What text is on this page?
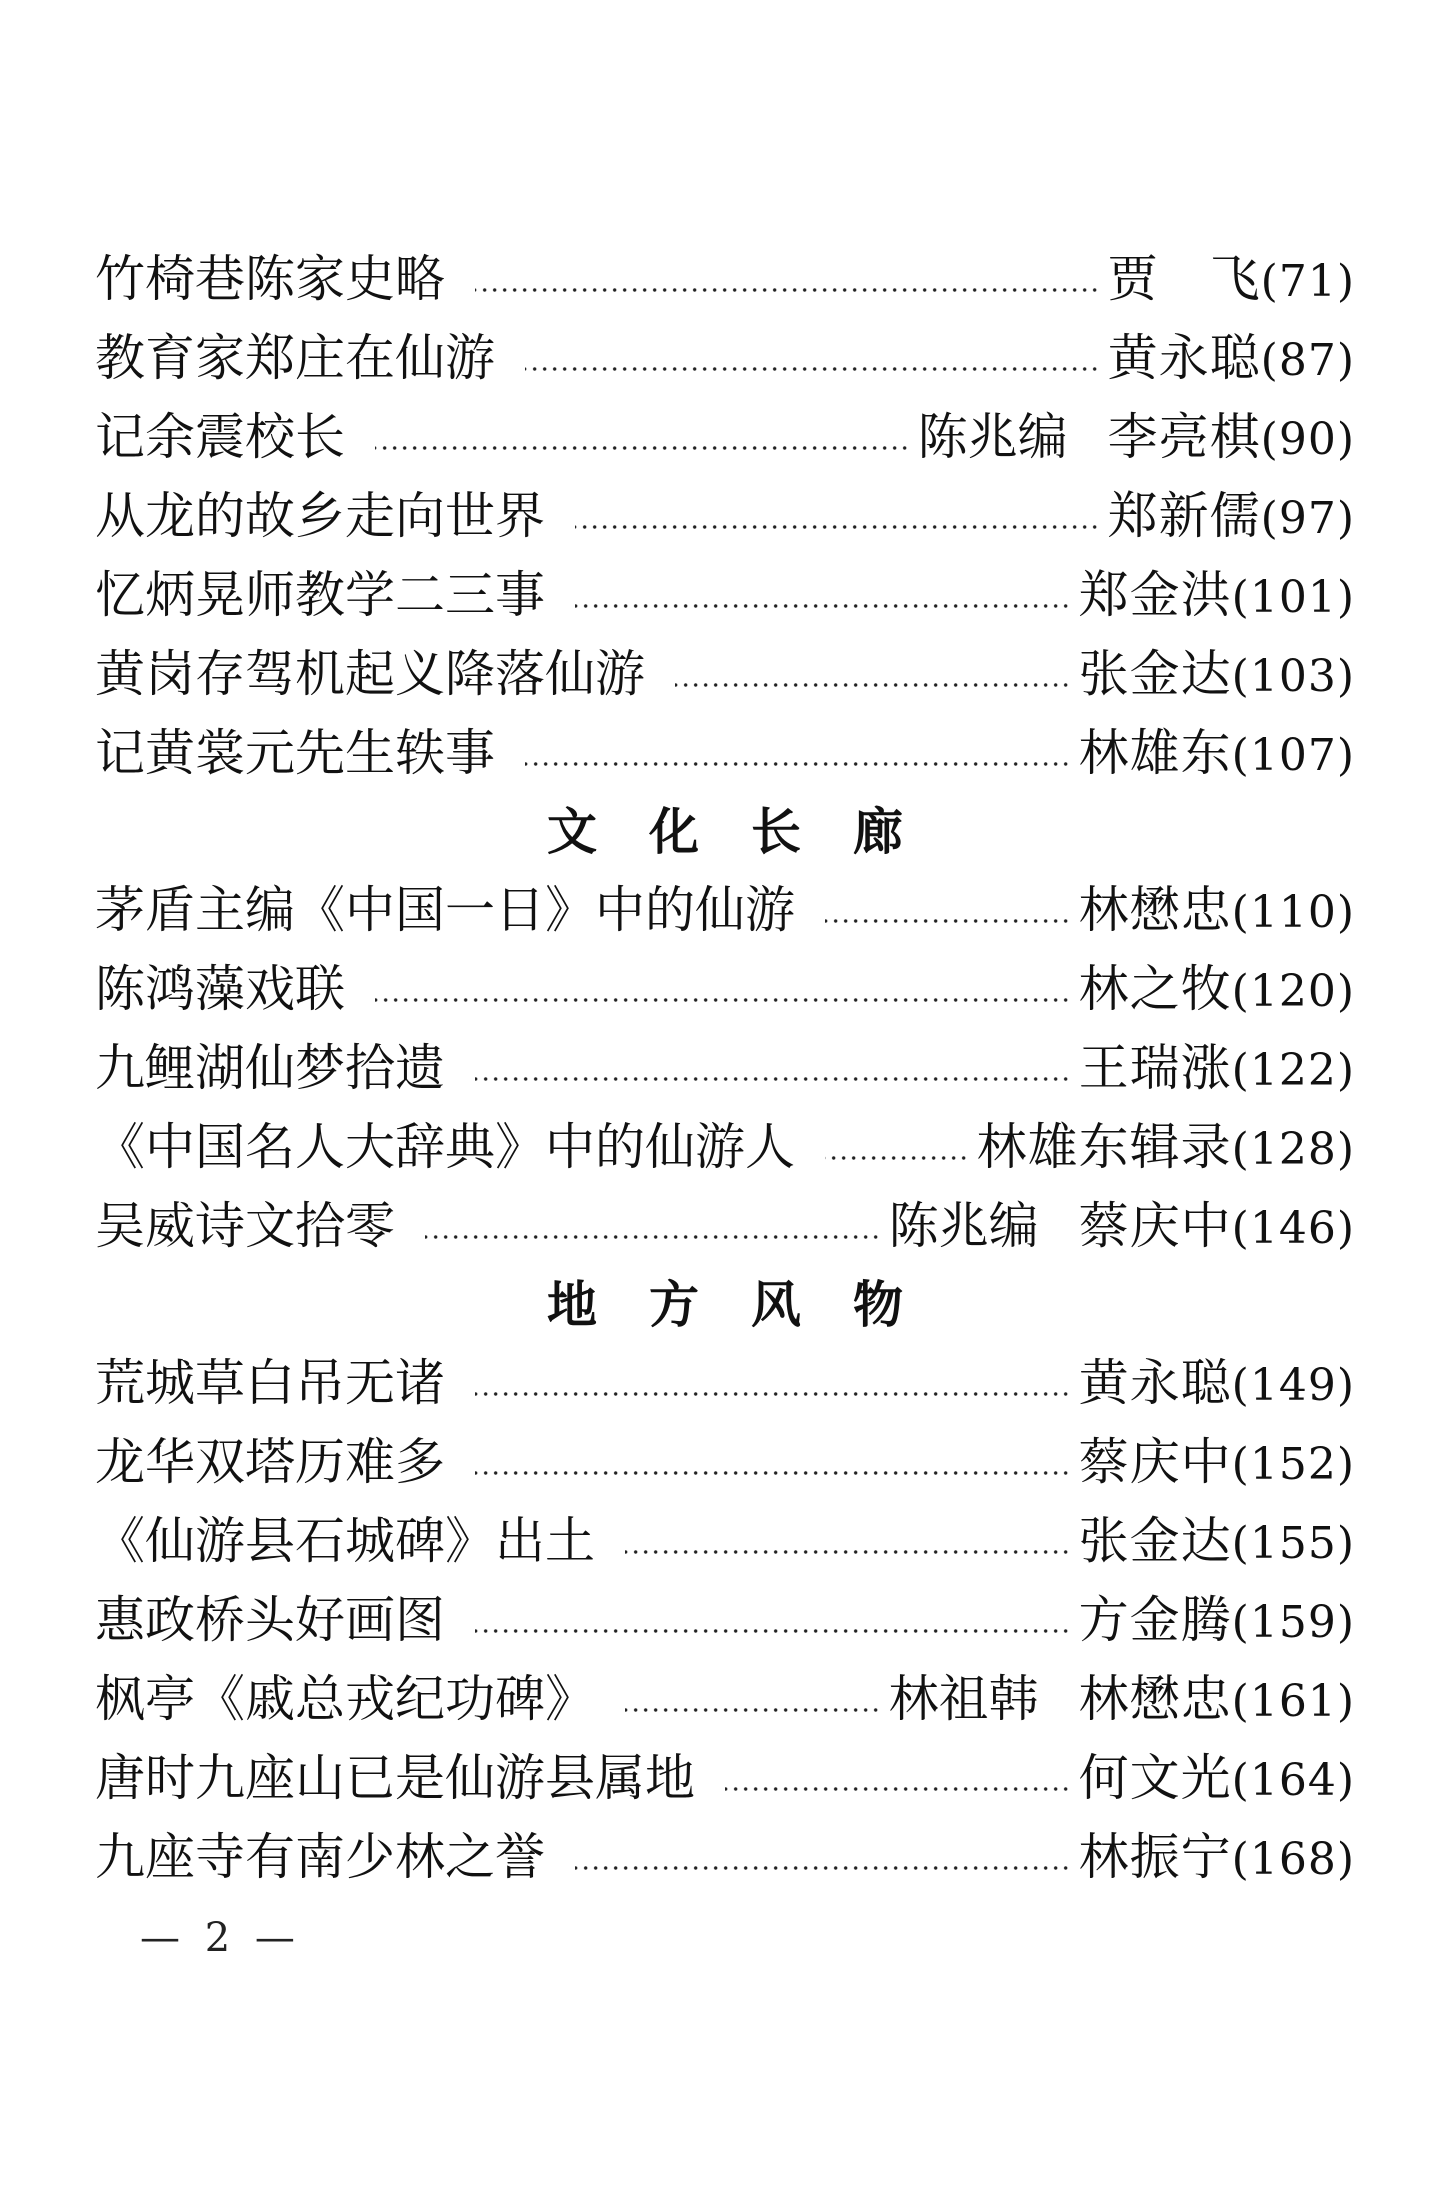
竹椅巷陈家史略	贾　飞 (71)
教育家郑庄在仙游	黄永聪 (87)
记余震校长	陈兆编 李亮棋 (90)
从龙的故乡走向世界	郑新儒 (97)
忆炳晃师教学二三事	郑金洪 (101)
黄岗存驾机起义降落仙游	张金达 (103)
记黄裳元先生轶事	林雄东 (107)
文化长廊
茅盾主编《中国一日》中的仙游	林懋忠 (110)
陈鸿藻戏联	林之牧 (120)
九鲤湖仙梦拾遗	王瑞涨 (122)
《中国名人大辞典》中的仙游人	林雄东辑录 (128)
吴威诗文拾零	陈兆编 蔡庆中 (146)
地方风物
荒城草白吊无诸	黄永聪 (149)
龙华双塔历难多	蔡庆中 (152)
《仙游县石城碑》出土	张金达 (155)
惠政桥头好画图	方金腾 (159)
枫亭《戚总戎纪功碑》	林祖韩 林懋忠 (161)
唐时九座山已是仙游县属地	何文光 (164)
九座寺有南少林之誉	林振宁 (168)
— 2 —
